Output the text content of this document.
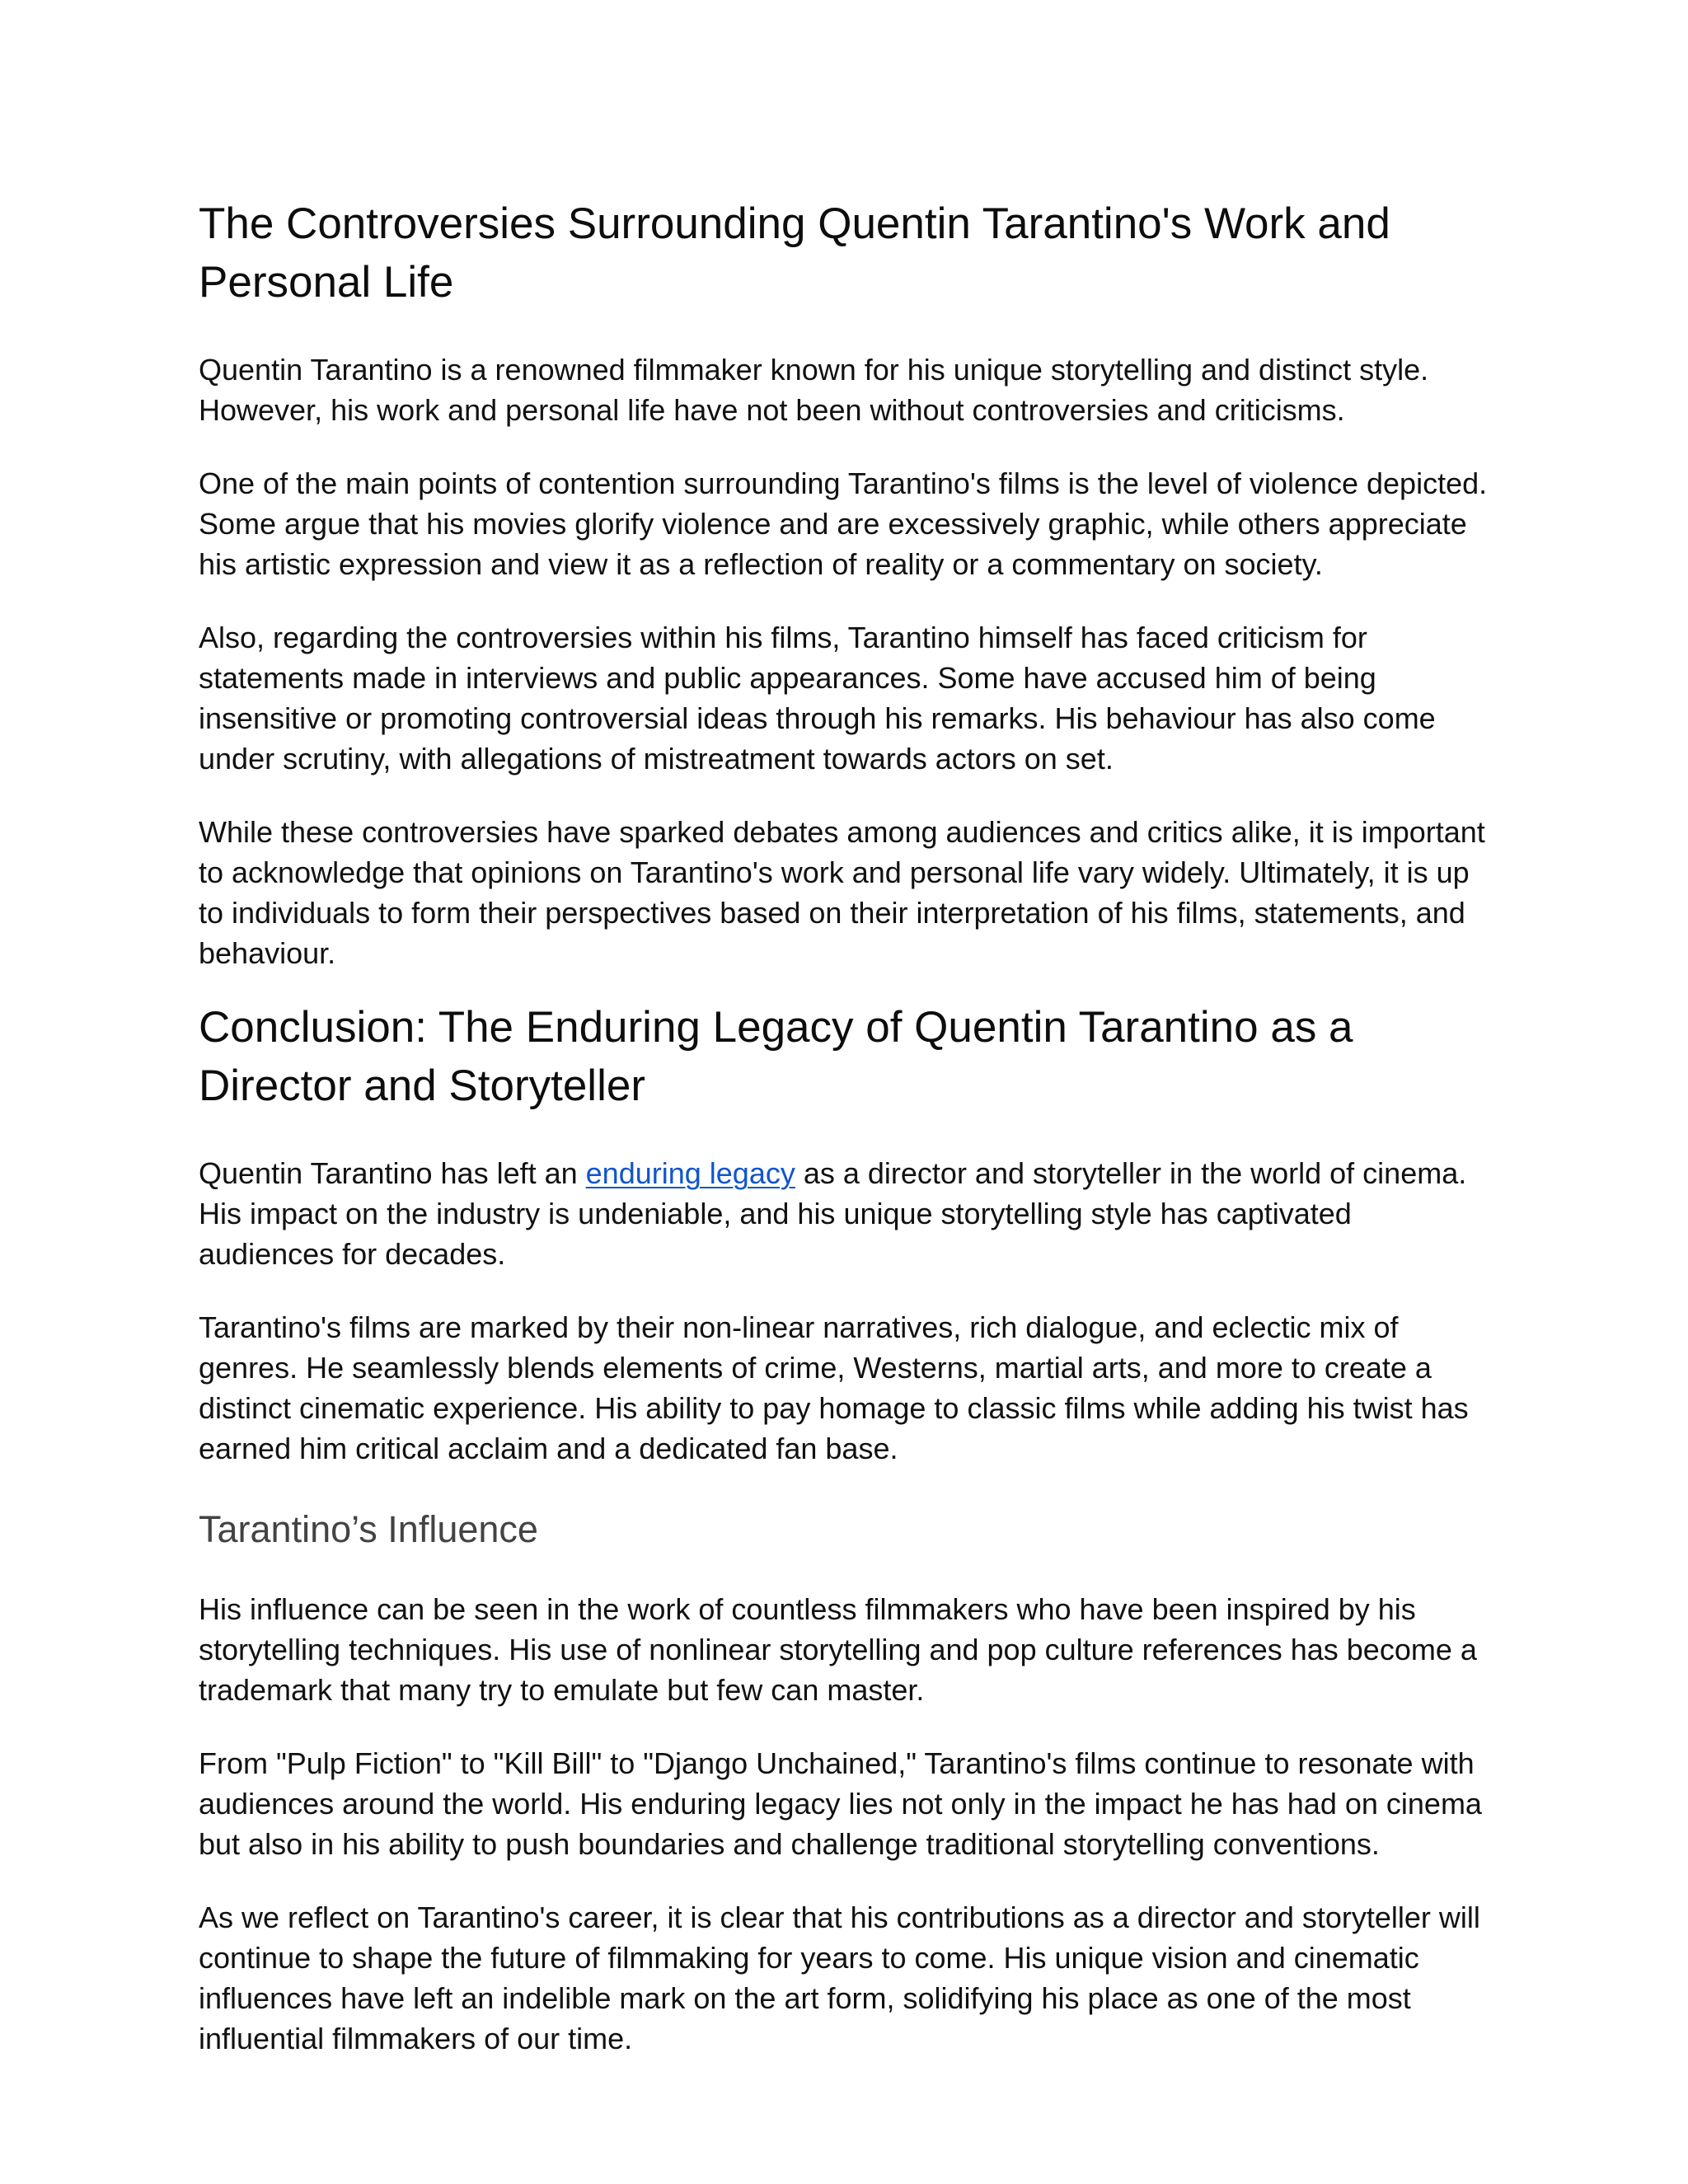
The Controversies Surrounding Quentin Tarantino's Work and Personal Life

Quentin Tarantino is a renowned filmmaker known for his unique storytelling and distinct style. However, his work and personal life have not been without controversies and criticisms.

One of the main points of contention surrounding Tarantino's films is the level of violence depicted. Some argue that his movies glorify violence and are excessively graphic, while others appreciate his artistic expression and view it as a reflection of reality or a commentary on society.

Also, regarding the controversies within his films, Tarantino himself has faced criticism for statements made in interviews and public appearances. Some have accused him of being insensitive or promoting controversial ideas through his remarks. His behaviour has also come under scrutiny, with allegations of mistreatment towards actors on set.

While these controversies have sparked debates among audiences and critics alike, it is important to acknowledge that opinions on Tarantino's work and personal life vary widely. Ultimately, it is up to individuals to form their perspectives based on their interpretation of his films, statements, and behaviour.

Conclusion: The Enduring Legacy of Quentin Tarantino as a Director and Storyteller

Quentin Tarantino has left an enduring legacy as a director and storyteller in the world of cinema. His impact on the industry is undeniable, and his unique storytelling style has captivated audiences for decades.

Tarantino's films are marked by their non-linear narratives, rich dialogue, and eclectic mix of genres. He seamlessly blends elements of crime, Westerns, martial arts, and more to create a distinct cinematic experience. His ability to pay homage to classic films while adding his twist has earned him critical acclaim and a dedicated fan base.

Tarantino’s Influence

His influence can be seen in the work of countless filmmakers who have been inspired by his storytelling techniques. His use of nonlinear storytelling and pop culture references has become a trademark that many try to emulate but few can master.

From "Pulp Fiction" to "Kill Bill" to "Django Unchained," Tarantino's films continue to resonate with audiences around the world. His enduring legacy lies not only in the impact he has had on cinema but also in his ability to push boundaries and challenge traditional storytelling conventions.

As we reflect on Tarantino's career, it is clear that his contributions as a director and storyteller will continue to shape the future of filmmaking for years to come. His unique vision and cinematic influences have left an indelible mark on the art form, solidifying his place as one of the most influential filmmakers of our time.
